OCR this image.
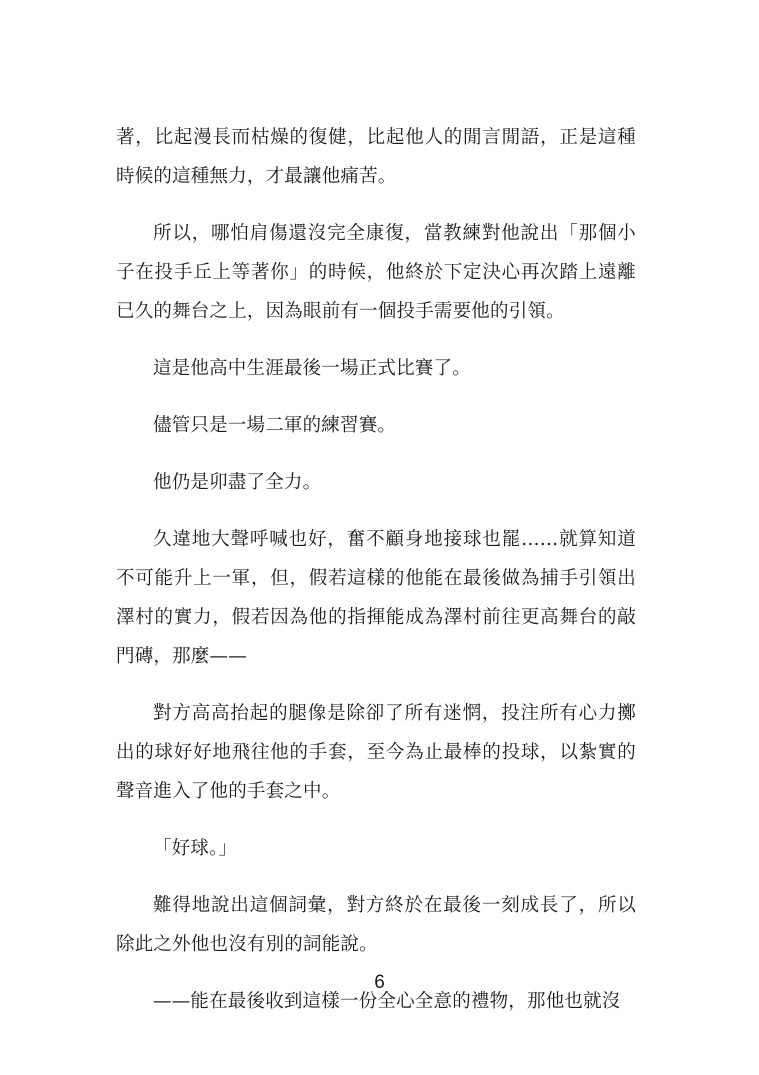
著，比起漫長而枯燥的復健，比起他人的閒言閒語，正是這種時候的這種無力，才最讓他痛苦。

所以，哪怕肩傷還沒完全康復，當教練對他說出「那個小子在投手丘上等著你」的時候，他終於下定決心再次踏上遠離已久的舞台之上，因為眼前有一個投手需要他的引領。

這是他高中生涯最後一場正式比賽了。

儘管只是一場二軍的練習賽。

他仍是卯盡了全力。

久違地大聲呼喊也好，奮不顧身地接球也罷……就算知道不可能升上一軍，但，假若這樣的他能在最後做為捕手引領出澤村的實力，假若因為他的指揮能成為澤村前往更高舞台的敲門磚，那麼——

對方高高抬起的腿像是除卻了所有迷惘，投注所有心力擲出的球好好地飛往他的手套，至今為止最棒的投球，以紮實的聲音進入了他的手套之中。

「好球。」

難得地說出這個詞彙，對方終於在最後一刻成長了，所以除此之外他也沒有別的詞能說。

——能在最後收到這樣一份全心全意的禮物，那他也就沒

6
